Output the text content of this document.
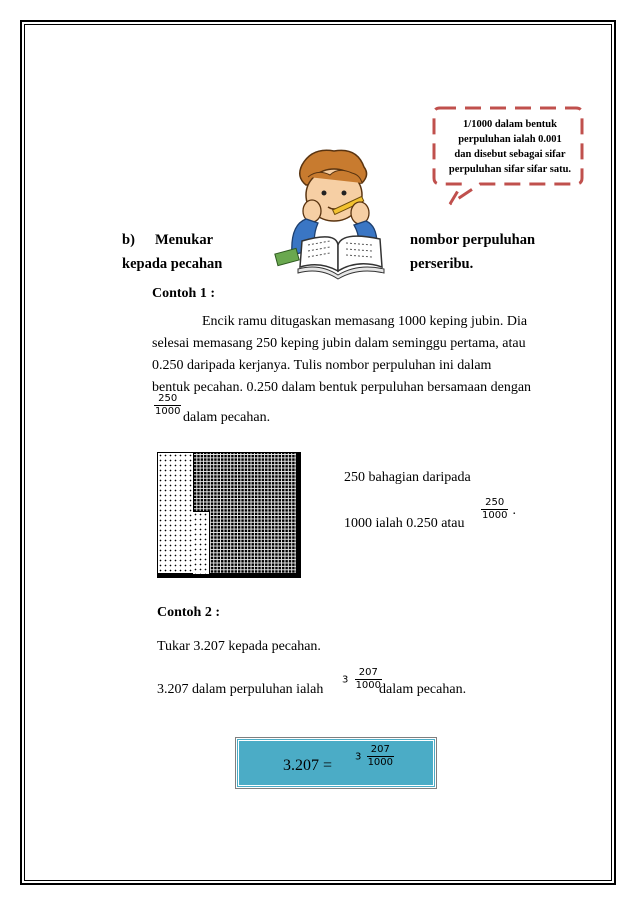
1/1000 dalam bentuk
perpuluhan ialah 0.001
dan disebut sebagai sifar
perpuluhan sifar sifar satu.
b) Menukar
kepada pecahan
nombor perpuluhan
perseribu.
Contoh 1 :
Encik ramu ditugaskan memasang 1000 keping jubin. Dia
selesai memasang 250 keping jubin dalam seminggu pertama, atau
0.250 daripada kerjanya. Tulis nombor perpuluhan ini dalam
bentuk pecahan. 0.250 dalam bentuk perpuluhan bersamaan dengan
$\frac{250}{1000}$ dalam pecahan.
250 bahagian daripada
$\frac{250}{1000}$ .
1000 ialah 0.250 atau
Contoh 2 :
Tukar 3.207 kepada pecahan.
3.207 dalam perpuluhan ialah
$3 \frac{207}{1000}$
dalam pecahan.
$3.207 = 3 \frac{207}{1000}$
